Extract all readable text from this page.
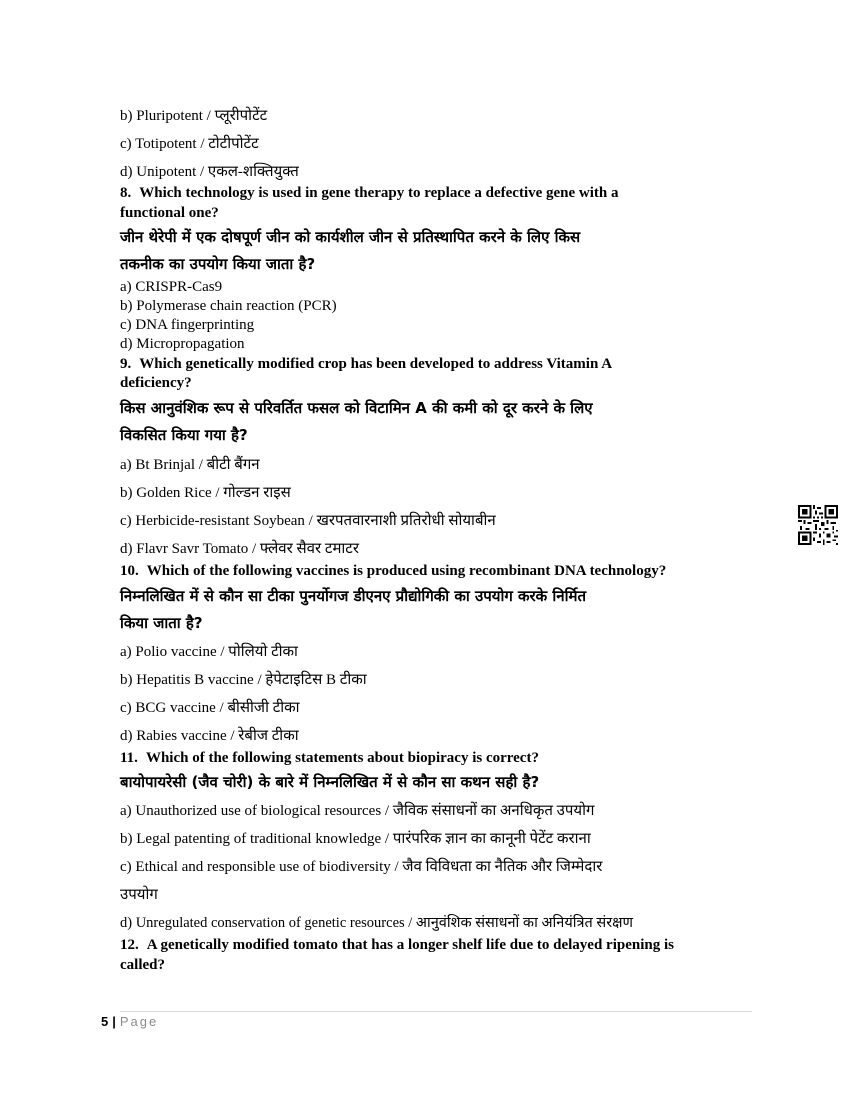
b) Pluripotent / प्लूरीपोटेंट
c) Totipotent / टोटीपोटेंट
d) Unipotent / एकल-शक्तियुक्त
8. Which technology is used in gene therapy to replace a defective gene with a
functional one?
जीन थेरेपी में एक दोषपूर्ण जीन को कार्यशील जीन से प्रतिस्थापित करने के लिए किस
तकनीक का उपयोग किया जाता है?
a) CRISPR-Cas9
b) Polymerase chain reaction (PCR)
c) DNA fingerprinting
d) Micropropagation
9. Which genetically modified crop has been developed to address Vitamin A
deficiency?
किस आनुवंशिक रूप से परिवर्तित फसल को विटामिन A की कमी को दूर करने के लिए
विकसित किया गया है?
a) Bt Brinjal / बीटी बैंगन
b) Golden Rice / गोल्डन राइस
c) Herbicide-resistant Soybean / खरपतवारनाशी प्रतिरोधी सोयाबीन
d) Flavr Savr Tomato / फ्लेवर सैवर टमाटर
10. Which of the following vaccines is produced using recombinant DNA technology?
निम्नलिखित में से कौन सा टीका पुनर्योगज डीएनए प्रौद्योगिकी का उपयोग करके निर्मित
किया जाता है?
a) Polio vaccine / पोलियो टीका
b) Hepatitis B vaccine / हेपेटाइटिस B टीका
c) BCG vaccine / बीसीजी टीका
d) Rabies vaccine / रेबीज टीका
11. Which of the following statements about biopiracy is correct?
बायोपायरेसी (जैव चोरी) के बारे में निम्नलिखित में से कौन सा कथन सही है?
a) Unauthorized use of biological resources / जैविक संसाधनों का अनधिकृत उपयोग
b) Legal patenting of traditional knowledge / पारंपरिक ज्ञान का कानूनी पेटेंट कराना
c) Ethical and responsible use of biodiversity / जैव विविधता का नैतिक और जिम्मेदार
उपयोग
d) Unregulated conservation of genetic resources / आनुवंशिक संसाधनों का अनियंत्रित संरक्षण
12. A genetically modified tomato that has a longer shelf life due to delayed ripening is
called?
5 | Page
